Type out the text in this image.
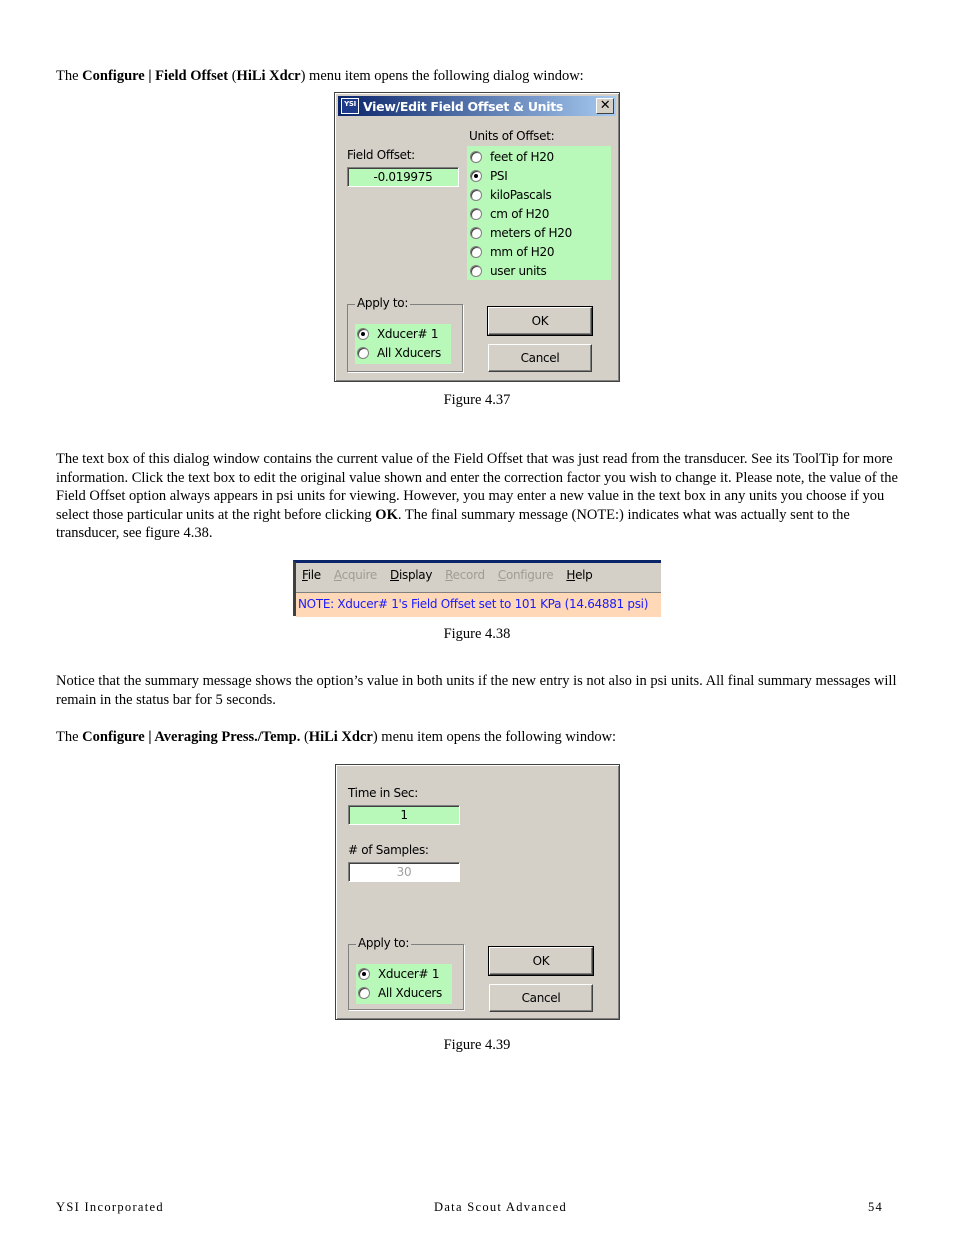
The Configure | Field Offset (HiLi Xdcr) menu item opens the following dialog window:
YSI View/Edit Field Offset & Units	✕
Units of Offset:
feet of H20
PSI
kiloPascals
cm of H20
meters of H20
mm of H20
user units
Field Offset:
-0.019975
Apply to:
Xducer# 1
All Xducers
OK
Cancel
Figure 4.37
The text box of this dialog window contains the current value of the Field Offset that was just read from the transducer. See its ToolTip for more information. Click the text box to edit the original value shown and enter the correction factor you wish to change it. Please note, the value of the Field Offset option always appears in psi units for viewing. However, you may enter a new value in the text box in any units you choose if you select those particular units at the right before clicking OK. The final summary message (NOTE:) indicates what was actually sent to the transducer, see figure 4.38.
File Acquire Display Record Configure Help
NOTE: Xducer# 1's Field Offset set to 101 KPa (14.64881 psi)
Figure 4.38
Notice that the summary message shows the option’s value in both units if the new entry is not also in psi units. All final summary messages will remain in the status bar for 5 seconds.
The Configure | Averaging Press./Temp. (HiLi Xdcr) menu item opens the following window:
Time in Sec:
1
# of Samples:
30
Apply to:
Xducer# 1
All Xducers
OK
Cancel
Figure 4.39
YSI Incorporated	Data Scout Advanced	54
